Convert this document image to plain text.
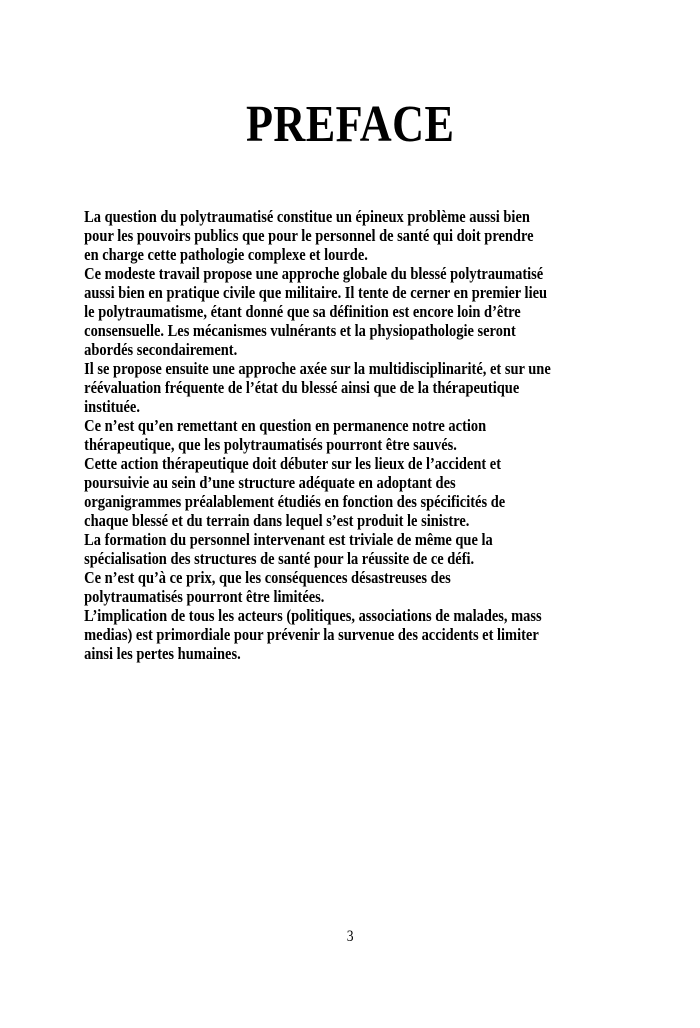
PREFACE
La question du polytraumatisé constitue un épineux problème aussi bien
pour les pouvoirs publics que pour le personnel de santé qui doit prendre
en charge cette pathologie complexe et lourde.
Ce modeste travail propose une approche globale du blessé polytraumatisé
aussi bien en pratique civile que militaire. Il tente de cerner en premier lieu
le polytraumatisme, étant donné que sa définition est encore loin d’être
consensuelle. Les mécanismes vulnérants et la physiopathologie seront
abordés secondairement.
Il se propose ensuite une approche axée sur la multidisciplinarité, et sur une
réévaluation fréquente de l’état du blessé ainsi que de la thérapeutique
instituée.
Ce n’est qu’en remettant en question en permanence notre action
thérapeutique, que les polytraumatisés pourront être sauvés.
Cette action thérapeutique doit débuter sur les lieux de l’accident et
poursuivie au sein d’une structure adéquate en adoptant des
organigrammes préalablement étudiés en fonction des spécificités de
chaque blessé et du terrain dans lequel s’est produit le sinistre.
La formation du personnel intervenant est triviale de même que la
spécialisation des structures de santé pour la réussite de ce défi.
Ce n’est qu’à ce prix, que les conséquences désastreuses des
polytraumatisés pourront être limitées.
L’implication de tous les acteurs (politiques, associations de malades, mass
medias) est primordiale pour prévenir la survenue des accidents et limiter
ainsi les pertes humaines.
3
